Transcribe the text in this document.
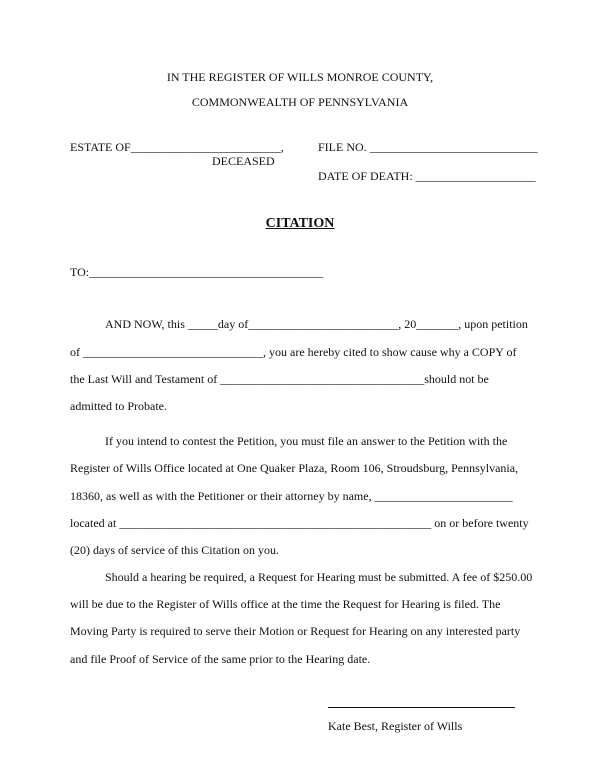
IN THE REGISTER OF WILLS MONROE COUNTY,
COMMONWEALTH OF PENNSYLVANIA
ESTATE OF_________________________,	FILE NO. ____________________________
DECEASED
DATE OF DEATH: ____________________
CITATION
TO:_______________________________________
AND NOW, this _____day of_________________________, 20_______, upon petition
of ______________________________, you are hereby cited to show cause why a COPY of
the Last Will and Testament of __________________________________should not be
admitted to Probate.
If you intend to contest the Petition, you must file an answer to the Petition with the
Register of Wills Office located at One Quaker Plaza, Room 106, Stroudsburg, Pennsylvania,
18360, as well as with the Petitioner or their attorney by name, _______________________
located at ____________________________________________________ on or before twenty
(20) days of service of this Citation on you.
Should a hearing be required, a Request for Hearing must be submitted. A fee of $250.00
will be due to the Register of Wills office at the time the Request for Hearing is filed. The
Moving Party is required to serve their Motion or Request for Hearing on any interested party
and file Proof of Service of the same prior to the Hearing date.
Kate Best, Register of Wills
